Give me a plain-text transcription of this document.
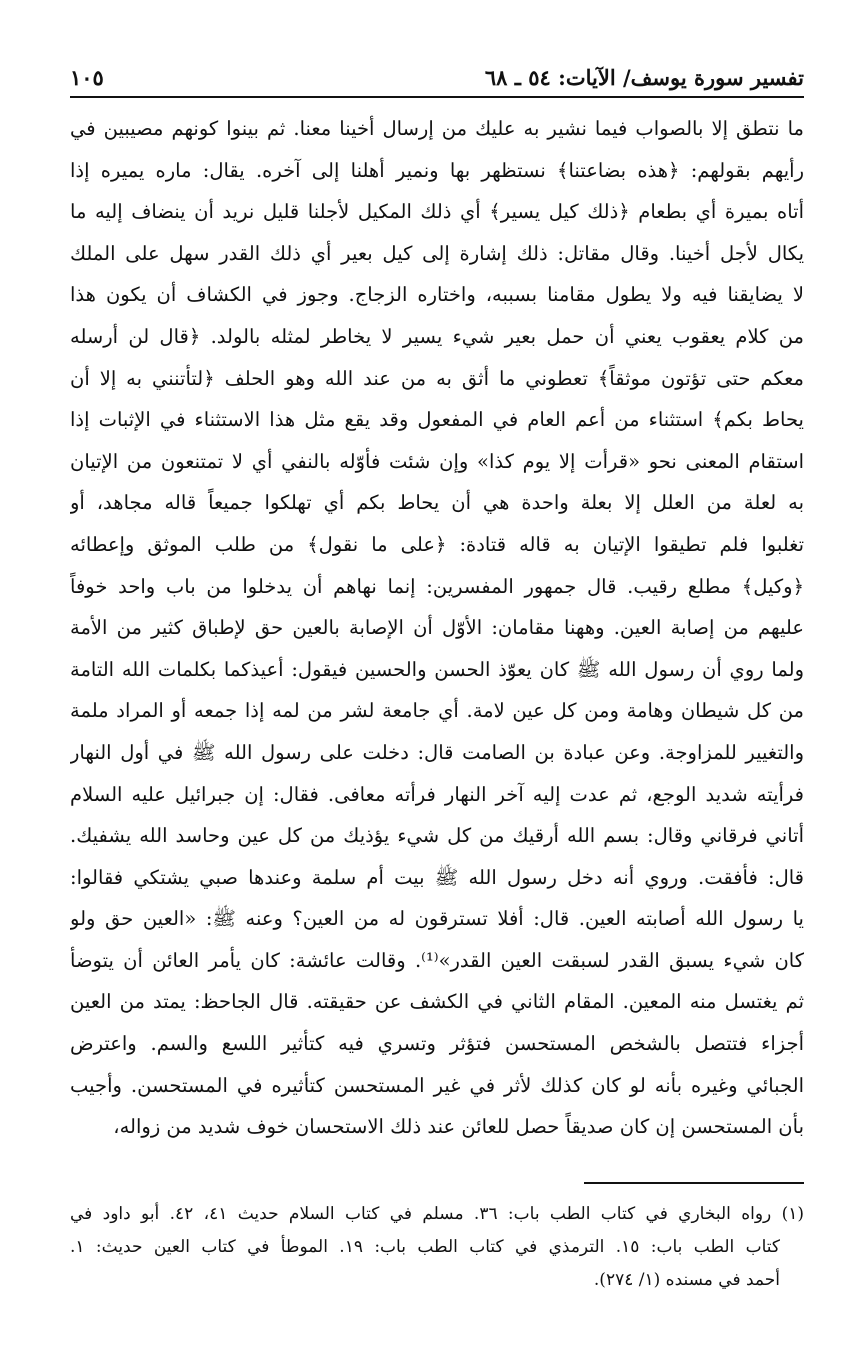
تفسير سورة يوسف/ الآيات: ٥٤ ـ ٦٨
١٠٥
ما نتطق إلا بالصواب فيما نشير به عليك من إرسال أخينا معنا. ثم بينوا كونهم مصيبين في
رأيهم بقولهم: ﴿هذه بضاعتنا﴾ نستظهر بها ونمير أهلنا إلى آخره. يقال: ماره يميره إذا
أتاه بميرة أي بطعام ﴿ذلك كيل يسير﴾ أي ذلك المكيل لأجلنا قليل نريد أن ينضاف إليه ما
يكال لأجل أخينا. وقال مقاتل: ذلك إشارة إلى كيل بعير أي ذلك القدر سهل على الملك
لا يضايقنا فيه ولا يطول مقامنا بسببه، واختاره الزجاج. وجوز في الكشاف أن يكون هذا
من كلام يعقوب يعني أن حمل بعير شيء يسير لا يخاطر لمثله بالولد. ﴿قال لن أرسله
معكم حتى تؤتون موثقاً﴾ تعطوني ما أثق به من عند الله وهو الحلف ﴿لتأتنني به إلا أن
يحاط بكم﴾ استثناء من أعم العام في المفعول وقد يقع مثل هذا الاستثناء في الإثبات إذا
استقام المعنى نحو «قرأت إلا يوم كذا» وإن شئت فأوّله بالنفي أي لا تمتنعون من الإتيان
به لعلة من العلل إلا بعلة واحدة هي أن يحاط بكم أي تهلكوا جميعاً قاله مجاهد، أو
تغلبوا فلم تطيقوا الإتيان به قاله قتادة: ﴿على ما نقول﴾ من طلب الموثق وإعطائه
﴿وكيل﴾ مطلع رقيب. قال جمهور المفسرين: إنما نهاهم أن يدخلوا من باب واحد خوفاً
عليهم من إصابة العين. وههنا مقامان: الأوّل أن الإصابة بالعين حق لإطباق كثير من الأمة
ولما روي أن رسول الله ﷺ كان يعوّذ الحسن والحسين فيقول: أعيذكما بكلمات الله التامة
من كل شيطان وهامة ومن كل عين لامة. أي جامعة لشر من لمه إذا جمعه أو المراد ملمة
والتغيير للمزاوجة. وعن عبادة بن الصامت قال: دخلت على رسول الله ﷺ في أول النهار
فرأيته شديد الوجع، ثم عدت إليه آخر النهار فرأته معافى. فقال: إن جبرائيل عليه السلام
أتاني فرقاني وقال: بسم الله أرقيك من كل شيء يؤذيك من كل عين وحاسد الله يشفيك.
قال: فأفقت. وروي أنه دخل رسول الله ﷺ بيت أم سلمة وعندها صبي يشتكي فقالوا:
يا رسول الله أصابته العين. قال: أفلا تسترقون له من العين؟ وعنه ﷺ: «العين حق ولو
كان شيء يسبق القدر لسبقت العين القدر»⁽¹⁾. وقالت عائشة: كان يأمر العائن أن يتوضأ
ثم يغتسل منه المعين. المقام الثاني في الكشف عن حقيقته. قال الجاحظ: يمتد من العين
أجزاء فتتصل بالشخص المستحسن فتؤثر وتسري فيه كتأثير اللسع والسم. واعترض
الجبائي وغيره بأنه لو كان كذلك لأثر في غير المستحسن كتأثيره في المستحسن. وأجيب
بأن المستحسن إن كان صديقاً حصل للعائن عند ذلك الاستحسان خوف شديد من زواله،
(١) رواه البخاري في كتاب الطب باب: ٣٦. مسلم في كتاب السلام حديث ٤١، ٤٢. أبو داود في
كتاب الطب باب: ١٥. الترمذي في كتاب الطب باب: ١٩. الموطأ في كتاب العين حديث: ١.
أحمد في مسنده (١/ ٢٧٤).
